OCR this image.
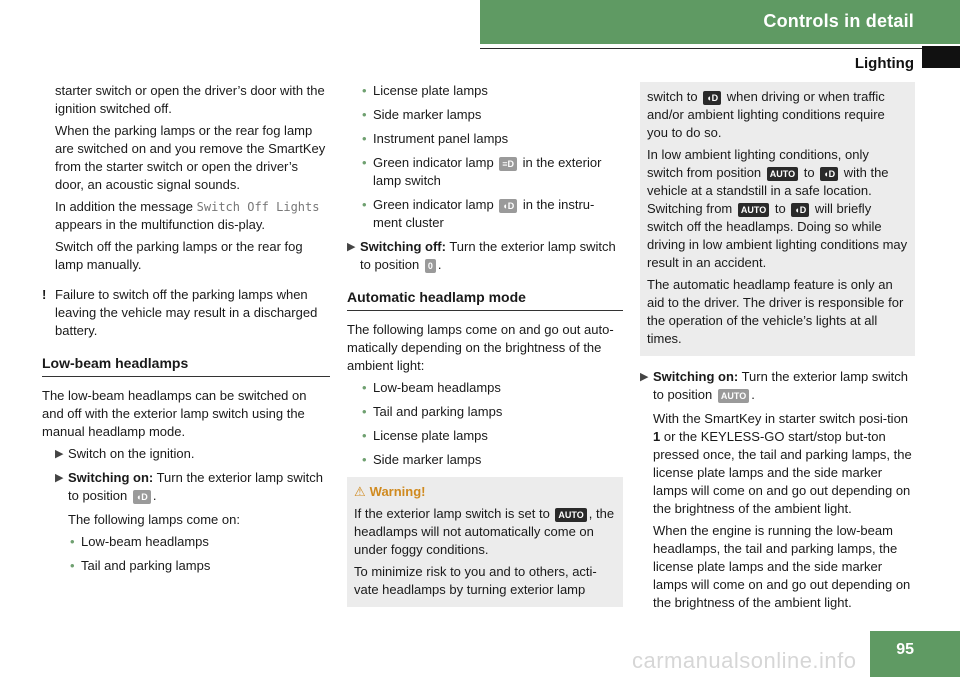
Controls in detail
Lighting

starter switch or open the driver’s door with the ignition switched off.

When the parking lamps or the rear fog lamp are switched on and you remove the SmartKey from the starter switch or open the driver’s door, an acoustic signal sounds.

In addition the message Switch Off Lights appears in the multifunction dis-play.

Switch off the parking lamps or the rear fog lamp manually.

! Failure to switch off the parking lamps when leaving the vehicle may result in a discharged battery.
Low-beam headlamps

The low-beam headlamps can be switched on and off with the exterior lamp switch using the manual headlamp mode.

▶ Switch on the ignition.
▶ Switching on: Turn the exterior lamp switch to position ◖D .

The following lamps come on:

• Low-beam headlamps
• Tail and parking lamps
• License plate lamps
• Side marker lamps
• Instrument panel lamps
• Green indicator lamp ≡D in the exterior lamp switch
• Green indicator lamp ◖D in the instru-ment cluster
▶ Switching off: Turn the exterior lamp switch to position 0 .
Automatic headlamp mode

The following lamps come on and go out auto-matically depending on the brightness of the ambient light:

• Low-beam headlamps
• Tail and parking lamps
• License plate lamps
• Side marker lamps
⚠ Warning!

If the exterior lamp switch is set to AUTO , the headlamps will not automatically come on under foggy conditions.

To minimize risk to you and to others, acti-vate headlamps by turning exterior lamp

switch to ◖D when driving or when traffic and/or ambient lighting conditions require you to do so.

In low ambient lighting conditions, only switch from position AUTO to ◖D with the vehicle at a standstill in a safe location. Switching from AUTO to ◖D will briefly switch off the headlamps. Doing so while driving in low ambient lighting conditions may result in an accident.

The automatic headlamp feature is only an aid to the driver. The driver is responsible for the operation of the vehicle’s lights at all times.

▶ Switching on: Turn the exterior lamp switch to position AUTO .

With the SmartKey in starter switch posi-tion 1 or the KEYLESS-GO start/stop but-ton pressed once, the tail and parking lamps, the license plate lamps and the side marker lamps will come on and go out depending on the brightness of the ambient light.

When the engine is running the low-beam headlamps, the tail and parking lamps, the license plate lamps and the side marker lamps will come on and go out depending on the brightness of the ambient light.

95
carmanualsonline.info
